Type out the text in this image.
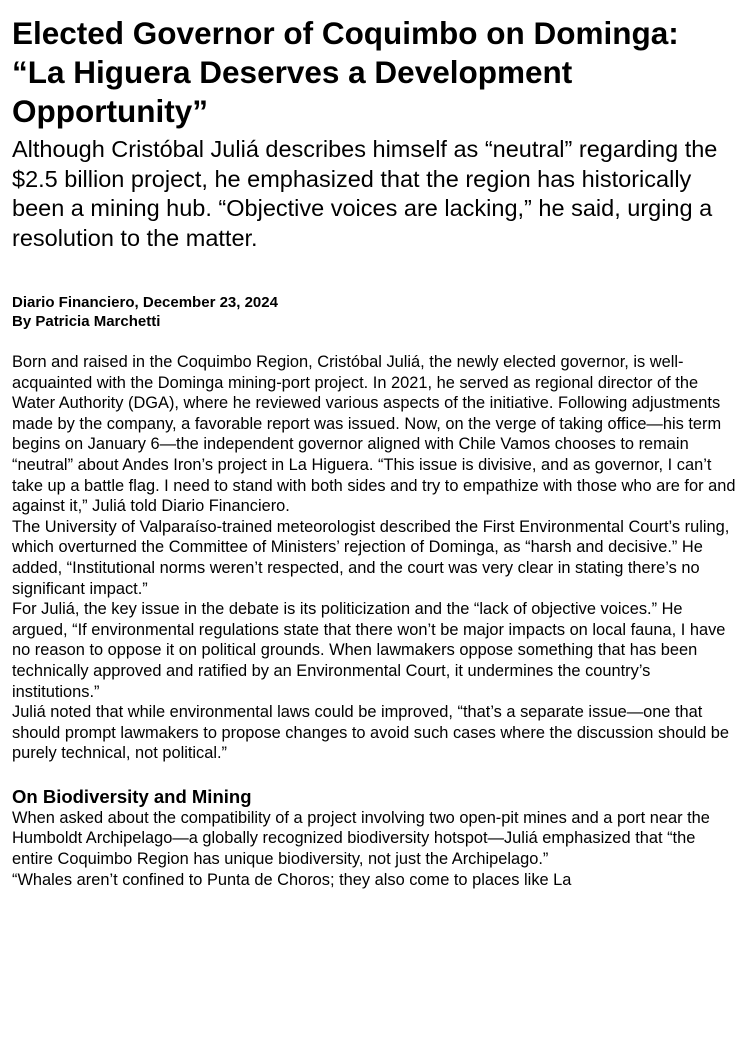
Elected Governor of Coquimbo on Dominga: “La Higuera Deserves a Development Opportunity”

Although Cristóbal Juliá describes himself as “neutral” regarding the $2.5 billion project, he emphasized that the region has historically been a mining hub. “Objective voices are lacking,” he said, urging a resolution to the matter.

Diario Financiero, December 23, 2024
By Patricia Marchetti

Born and raised in the Coquimbo Region, Cristóbal Juliá, the newly elected governor, is well-acquainted with the Dominga mining-port project. In 2021, he served as regional director of the Water Authority (DGA), where he reviewed various aspects of the initiative. Following adjustments made by the company, a favorable report was issued. Now, on the verge of taking office—his term begins on January 6—the independent governor aligned with Chile Vamos chooses to remain “neutral” about Andes Iron’s project in La Higuera. “This issue is divisive, and as governor, I can’t take up a battle flag. I need to stand with both sides and try to empathize with those who are for and against it,” Juliá told Diario Financiero.

The University of Valparaíso-trained meteorologist described the First Environmental Court’s ruling, which overturned the Committee of Ministers’ rejection of Dominga, as “harsh and decisive.” He added, “Institutional norms weren’t respected, and the court was very clear in stating there’s no significant impact.”

For Juliá, the key issue in the debate is its politicization and the “lack of objective voices.” He argued, “If environmental regulations state that there won’t be major impacts on local fauna, I have no reason to oppose it on political grounds. When lawmakers oppose something that has been technically approved and ratified by an Environmental Court, it undermines the country’s institutions.”

Juliá noted that while environmental laws could be improved, “that’s a separate issue—one that should prompt lawmakers to propose changes to avoid such cases where the discussion should be purely technical, not political.”

On Biodiversity and Mining

When asked about the compatibility of a project involving two open-pit mines and a port near the Humboldt Archipelago—a globally recognized biodiversity hotspot—Juliá emphasized that “the entire Coquimbo Region has unique biodiversity, not just the Archipelago.”

“Whales aren’t confined to Punta de Choros; they also come to places like La
